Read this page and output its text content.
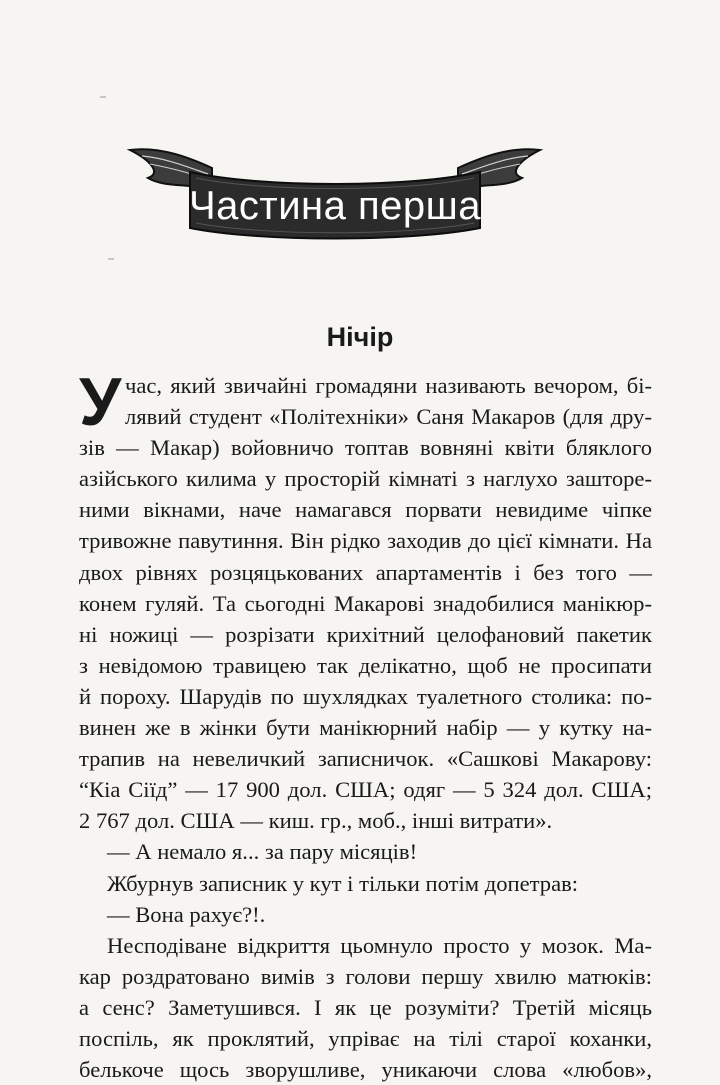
Частина перша
Нічір
У час, який звичайні громадяни називають вечором, бі-
лявий студент «Політехніки» Саня Макаров (для дру-
зів — Макар) войовничо топтав вовняні квіти бляклого
азійського килима у просторій кімнаті з наглухо зашторе-
ними вікнами, наче намагався порвати невидиме чіпке
тривожне павутиння. Він рідко заходив до цієї кімнати. На
двох рівнях розцяцькованих апартаментів і без того —
конем гуляй. Та сьогодні Макарові знадобилися манікюр-
ні ножиці — розрізати крихітний целофановий пакетик
з невідомою травицею так делікатно, щоб не просипати
й пороху. Шарудів по шухлядках туалетного столика: по-
винен же в жінки бути манікюрний набір — у кутку на-
трапив на невеличкий записничок. «Сашкові Макарову:
“Кіа Сіїд” — 17 900 дол. США; одяг — 5 324 дол. США;
2 767 дол. США — киш. гр., моб., інші витрати».
— А немало я... за пару місяців!
Жбурнув записник у кут і тільки потім допетрав:
— Вона рахує?!.
Несподіване відкриття цьомнуло просто у мозок. Ма-
кар роздратовано вимів з голови першу хвилю матюків:
а сенс? Заметушився. І як це розуміти? Третій місяць
поспіль, як проклятий, упріває на тілі старої коханки,
белькоче щось зворушливе, уникаючи слова «любов»,
